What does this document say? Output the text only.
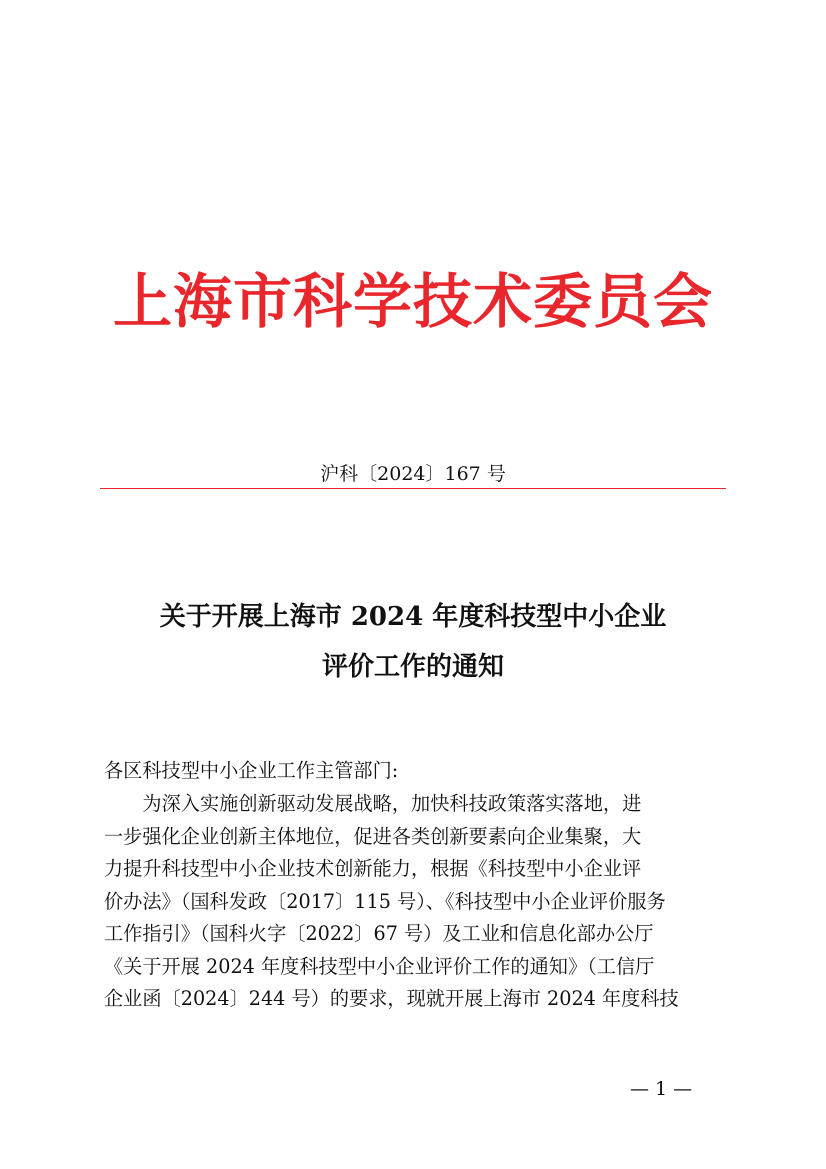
上海市科学技术委员会
沪科〔2024〕167 号
关于开展上海市 2024 年度科技型中小企业
评价工作的通知
各区科技型中小企业工作主管部门:
为深入实施创新驱动发展战略，加快科技政策落实落地，进
一步强化企业创新主体地位，促进各类创新要素向企业集聚，大
力提升科技型中小企业技术创新能力，根据《科技型中小企业评
价办法》（国科发政〔2017〕115 号）、《科技型中小企业评价服务
工作指引》（国科火字〔2022〕67 号）及工业和信息化部办公厅
《关于开展 2024 年度科技型中小企业评价工作的通知》（工信厅
企业函〔2024〕244 号）的要求，现就开展上海市 2024 年度科技
— 1 —
